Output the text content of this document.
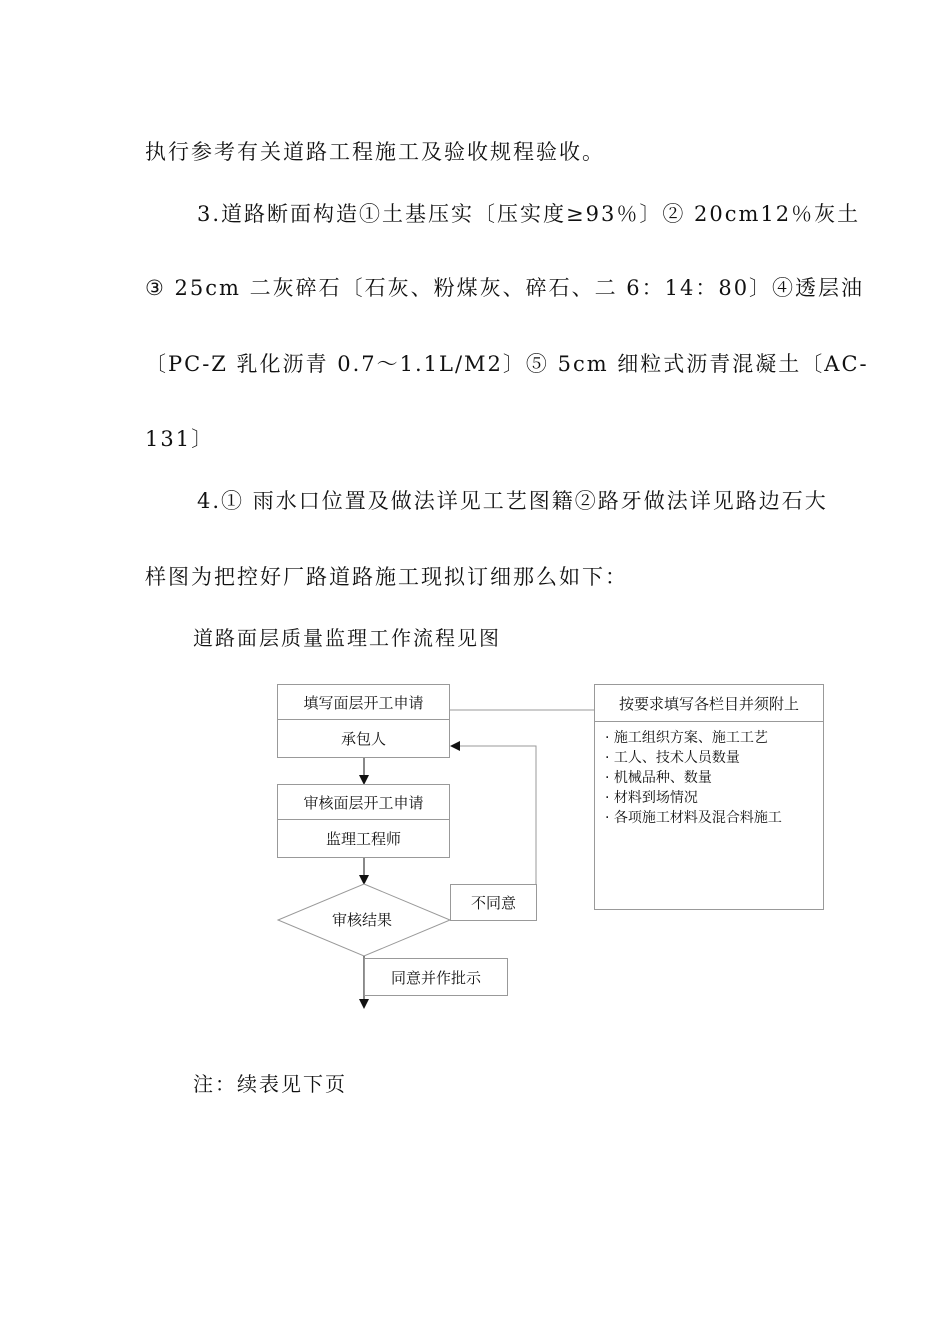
执行参考有关道路工程施工及验收规程验收。
3.道路断面构造①土基压实〔压实度≥93％〕② 20cm12％灰土
③ 25cm 二灰碎石〔石灰、粉煤灰、碎石、二 6：14：80〕④透层油
〔PC-Z 乳化沥青 0.7～1.1L/M2〕⑤ 5cm 细粒式沥青混凝土〔AC-
131〕
4.① 雨水口位置及做法详见工艺图籍②路牙做法详见路边石大
样图为把控好厂路道路施工现拟订细那么如下：
道路面层质量监理工作流程见图
填写面层开工申请
承包人
审核面层开工申请
监理工程师
审核结果
不同意
同意并作批示
按要求填写各栏目并须附上
· 施工组织方案、施工工艺
· 工人、技术人员数量
· 机械品种、数量
· 材料到场情况
· 各项施工材料及混合料施工
注：续表见下页
